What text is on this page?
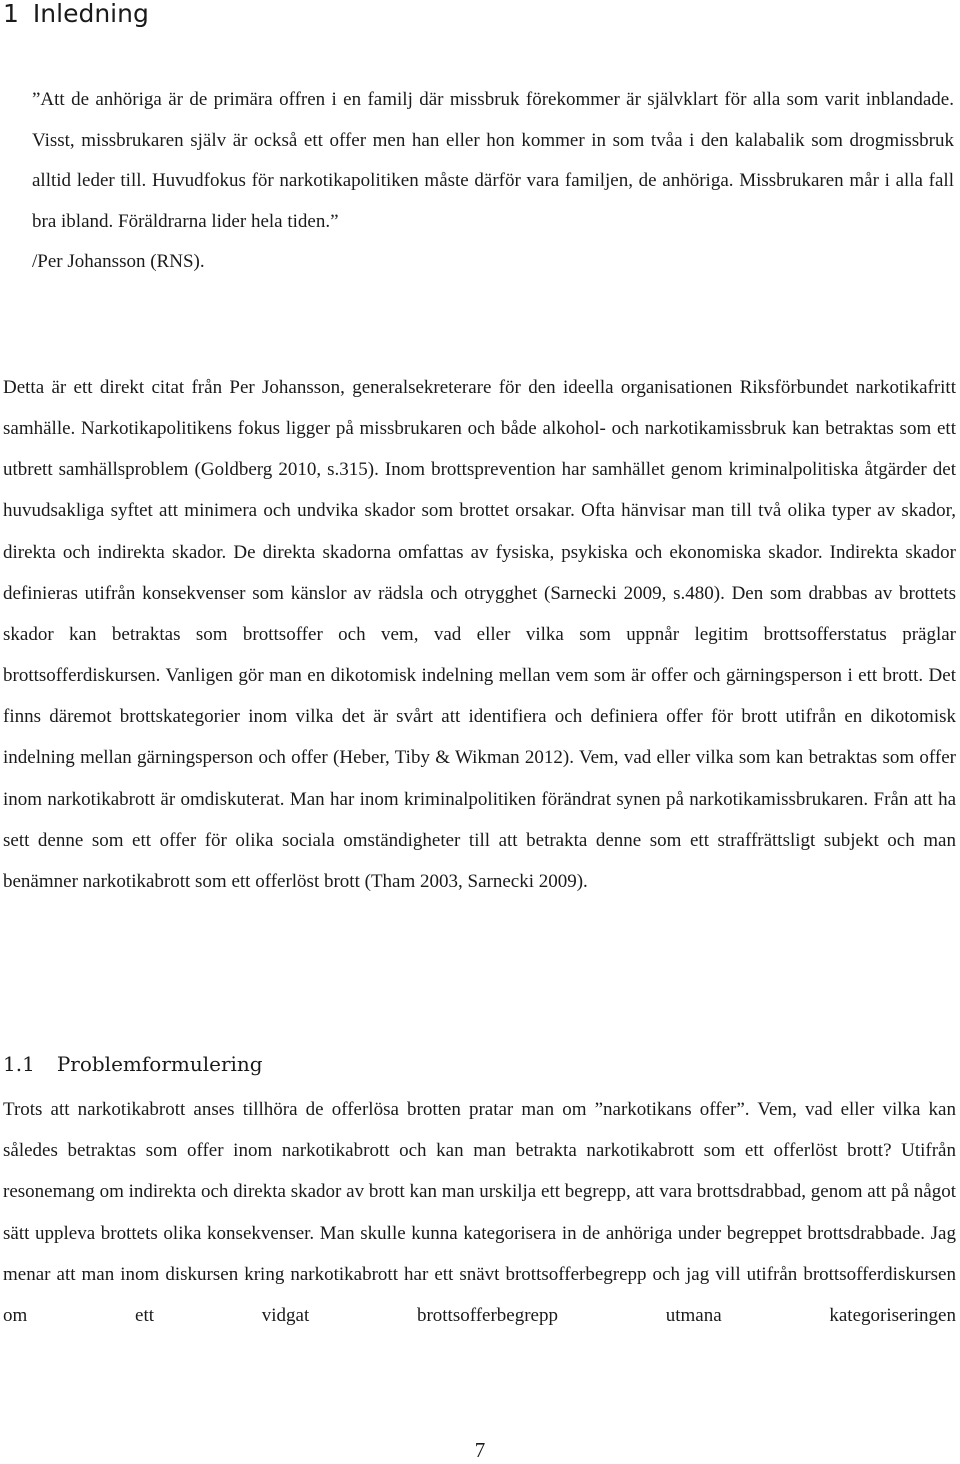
1 Inledning

”Att de anhöriga är de primära offren i en familj där missbruk förekommer är självklart för alla som varit inblandade. Visst, missbrukaren själv är också ett offer men han eller hon kommer in som tvåa i den kalabalik som drogmissbruk alltid leder till. Huvudfokus för narkotikapolitiken måste därför vara familjen, de anhöriga. Missbrukaren mår i alla fall bra ibland. Föräldrarna lider hela tiden.”

/Per Johansson (RNS).

Detta är ett direkt citat från Per Johansson, generalsekreterare för den ideella organisationen Riksförbundet narkotikafritt samhälle. Narkotikapolitikens fokus ligger på missbrukaren och både alkohol- och narkotikamissbruk kan betraktas som ett utbrett samhällsproblem (Goldberg 2010, s.315). Inom brottsprevention har samhället genom kriminalpolitiska åtgärder det huvudsakliga syftet att minimera och undvika skador som brottet orsakar. Ofta hänvisar man till två olika typer av skador, direkta och indirekta skador. De direkta skadorna omfattas av fysiska, psykiska och ekonomiska skador. Indirekta skador definieras utifrån konsekvenser som känslor av rädsla och otrygghet (Sarnecki 2009, s.480). Den som drabbas av brottets skador kan betraktas som brottsoffer och vem, vad eller vilka som uppnår legitim brottsofferstatus präglar brottsofferdiskursen. Vanligen gör man en dikotomisk indelning mellan vem som är offer och gärningsperson i ett brott. Det finns däremot brottskategorier inom vilka det är svårt att identifiera och definiera offer för brott utifrån en dikotomisk indelning mellan gärningsperson och offer (Heber, Tiby & Wikman 2012). Vem, vad eller vilka som kan betraktas som offer inom narkotikabrott är omdiskuterat. Man har inom kriminalpolitiken förändrat synen på narkotikamissbrukaren. Från att ha sett denne som ett offer för olika sociala omständigheter till att betrakta denne som ett straffrättsligt subjekt och man benämner narkotikabrott som ett offerlöst brott (Tham 2003, Sarnecki 2009).

1.1 Problemformulering

Trots att narkotikabrott anses tillhöra de offerlösa brotten pratar man om ”narkotikans offer”. Vem, vad eller vilka kan således betraktas som offer inom narkotikabrott och kan man betrakta narkotikabrott som ett offerlöst brott? Utifrån resonemang om indirekta och direkta skador av brott kan man urskilja ett begrepp, att vara brottsdrabbad, genom att på något sätt uppleva brottets olika konsekvenser. Man skulle kunna kategorisera in de anhöriga under begreppet brottsdrabbade. Jag menar att man inom diskursen kring narkotikabrott har ett snävt brottsofferbegrepp och jag vill utifrån brottsofferdiskursen om ett vidgat brottsofferbegrepp utmana kategoriseringen

7
